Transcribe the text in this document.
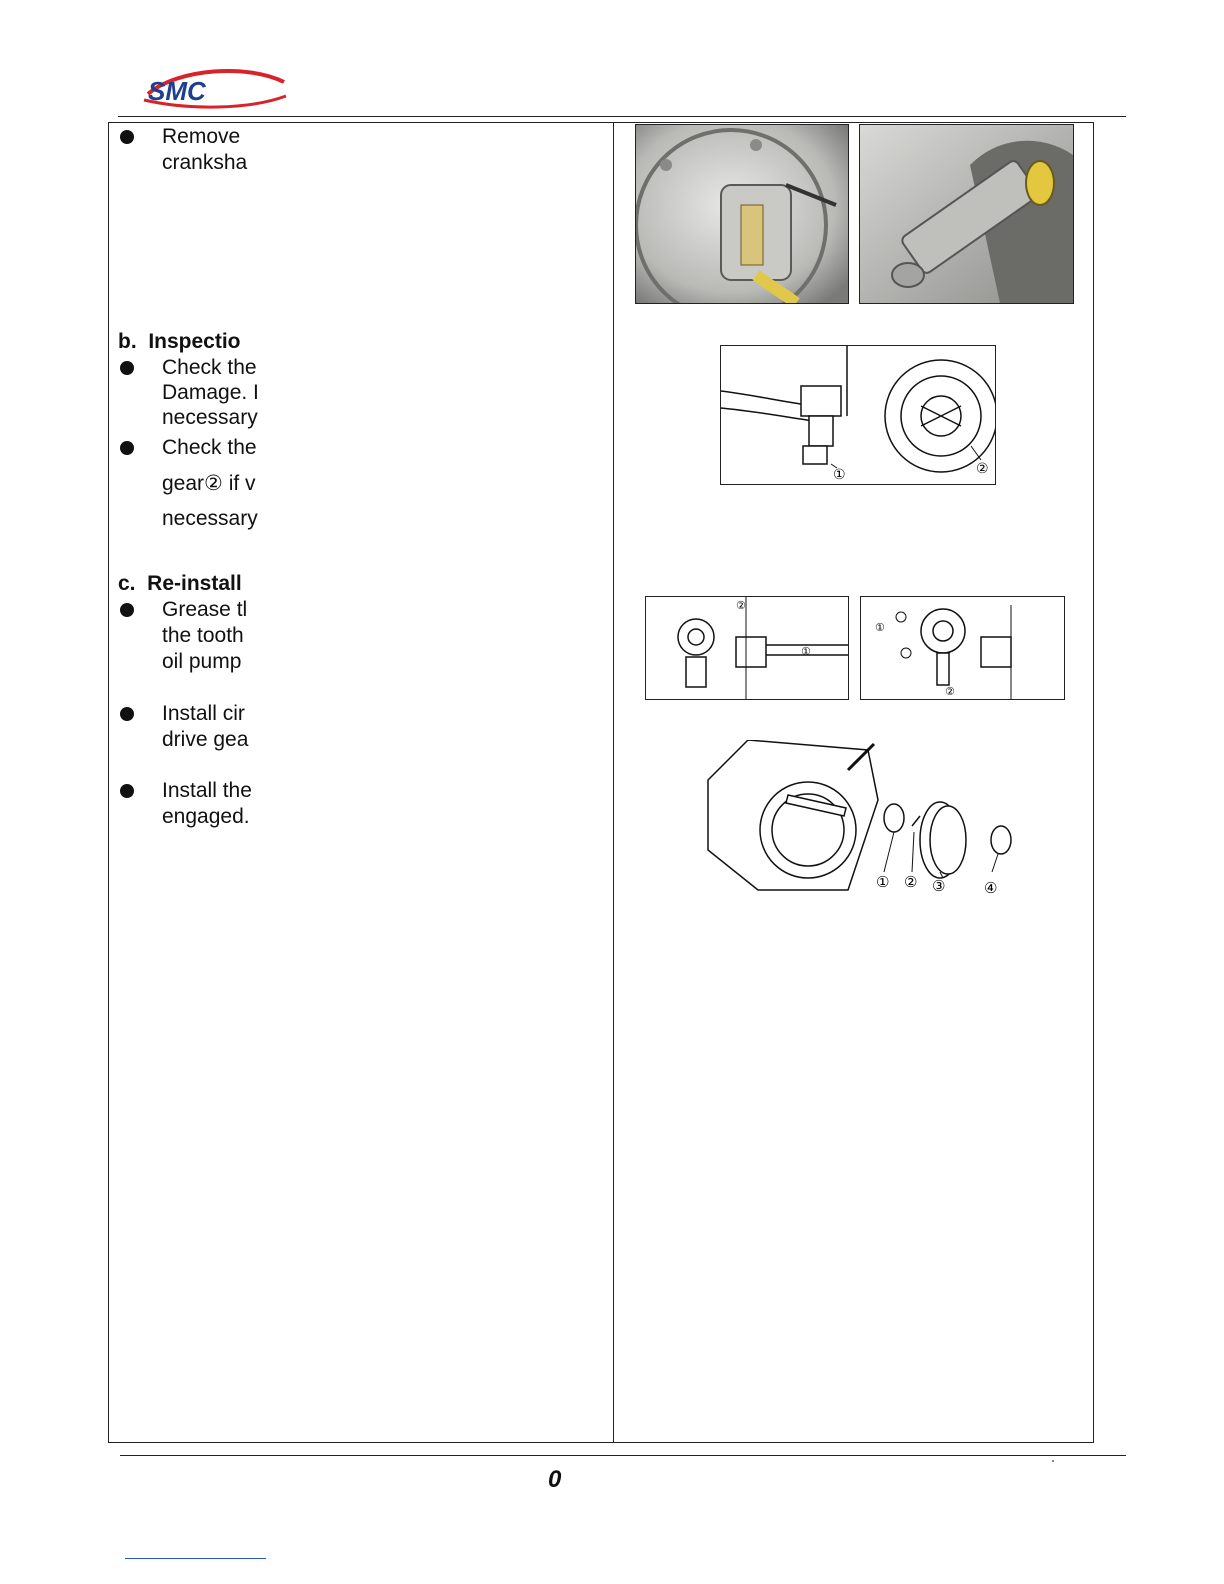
SMC
Remove
cranksha
b.  Inspectio
Check the
Damage. I
necessary
Check the
gear② if v
necessary
c.  Re-install
Grease tl
the tooth
oil pump
Install cir
drive gea
Install the
engaged.
①	②
②
①
①
②
① ② ③	④
0
